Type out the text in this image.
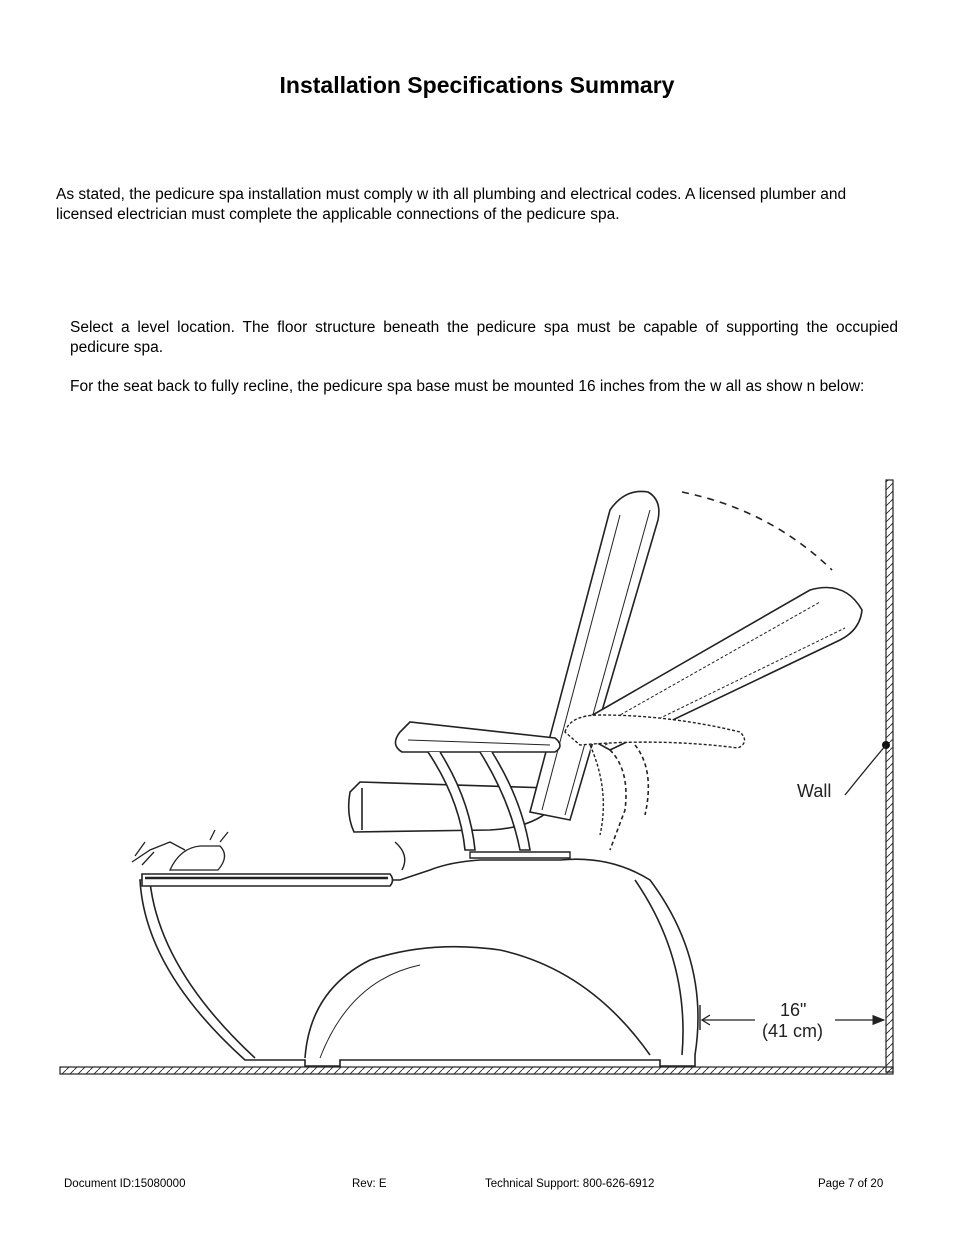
Installation Specifications Summary
As stated, the pedicure spa installation must comply w ith all plumbing and electrical codes. A licensed plumber and licensed electrician must complete the applicable connections of the pedicure spa.
Select a level location. The floor structure beneath the pedicure spa must be capable of supporting the occupied pedicure spa.
For the seat back to fully recline, the pedicure spa base must be mounted 16 inches from the w all as show n below:
Wall
16"
(41 cm)
Document ID:15080000	Rev: E	Technical Support: 800-626-6912	Page 7 of 20
